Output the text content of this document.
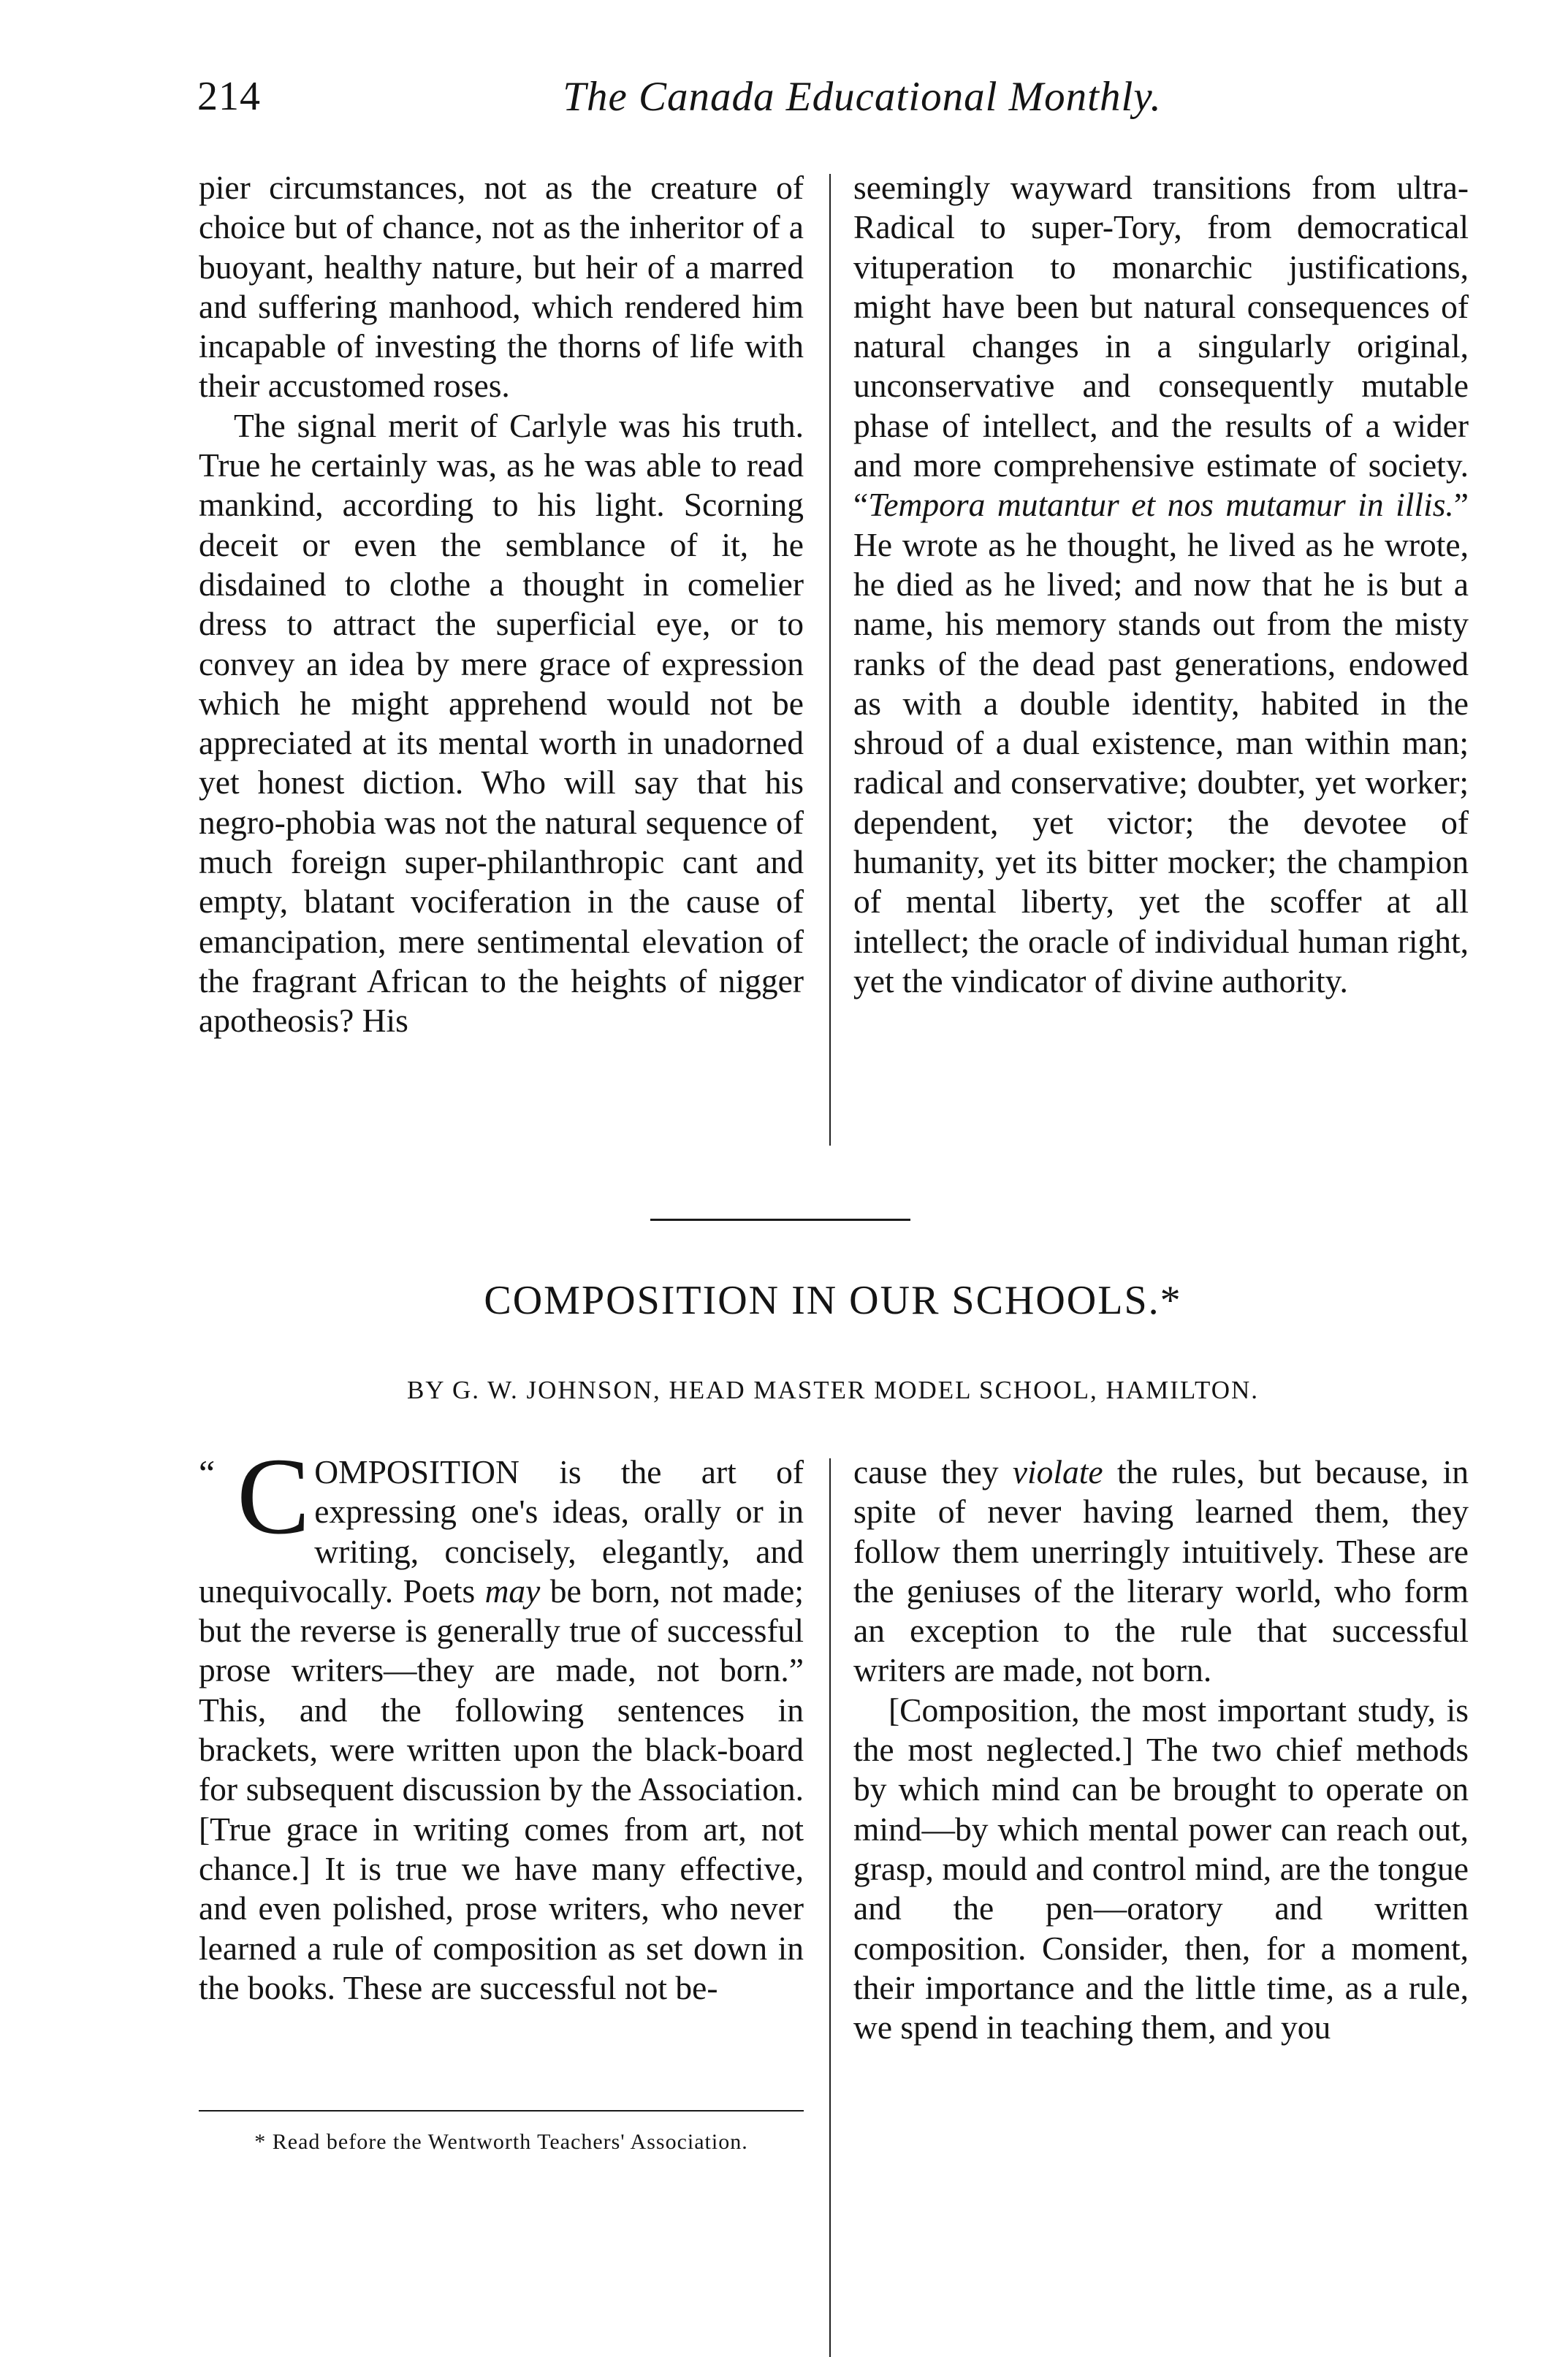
214	The Canada Educational Monthly.

pier circumstances, not as the creature of choice but of chance, not as the inheritor of a buoyant, healthy nature, but heir of a marred and suffering manhood, which rendered him incapable of investing the thorns of life with their accustomed roses.

The signal merit of Carlyle was his truth. True he certainly was, as he was able to read mankind, according to his light. Scorning deceit or even the semblance of it, he disdained to clothe a thought in comelier dress to attract the superficial eye, or to convey an idea by mere grace of expression which he might apprehend would not be appreciated at its mental worth in unadorned yet honest diction. Who will say that his negro-phobia was not the natural sequence of much foreign super-philanthropic cant and empty, blatant vociferation in the cause of emancipation, mere sentimental elevation of the fragrant African to the heights of nigger apotheosis? His

seemingly wayward transitions from ultra-Radical to super-Tory, from democratical vituperation to monarchic justifications, might have been but natural consequences of natural changes in a singularly original, unconservative and consequently mutable phase of intellect, and the results of a wider and more comprehensive estimate of society. “Tempora mutantur et nos mutamur in illis.” He wrote as he thought, he lived as he wrote, he died as he lived; and now that he is but a name, his memory stands out from the misty ranks of the dead past generations, endowed as with a double identity, habited in the shroud of a dual existence, man within man; radical and conservative; doubter, yet worker; dependent, yet victor; the devotee of humanity, yet its bitter mocker; the champion of mental liberty, yet the scoffer at all intellect; the oracle of individual human right, yet the vindicator of divine authority.

COMPOSITION IN OUR SCHOOLS.*
BY G. W. JOHNSON, HEAD MASTER MODEL SCHOOL, HAMILTON.

“ C OMPOSITION is the art of expressing one's ideas, orally or in writing, concisely, elegantly, and unequivocally. Poets may be born, not made; but the reverse is generally true of successful prose writers—they are made, not born.” This, and the following sentences in brackets, were written upon the black-board for subsequent discussion by the Association. [True grace in writing comes from art, not chance.] It is true we have many effective, and even polished, prose writers, who never learned a rule of composition as set down in the books. These are successful not be-

cause they violate the rules, but because, in spite of never having learned them, they follow them unerringly intuitively. These are the geniuses of the literary world, who form an exception to the rule that successful writers are made, not born.

[Composition, the most important study, is the most neglected.] The two chief methods by which mind can be brought to operate on mind—by which mental power can reach out, grasp, mould and control mind, are the tongue and the pen—oratory and written composition. Consider, then, for a moment, their importance and the little time, as a rule, we spend in teaching them, and you

* Read before the Wentworth Teachers' Association.
